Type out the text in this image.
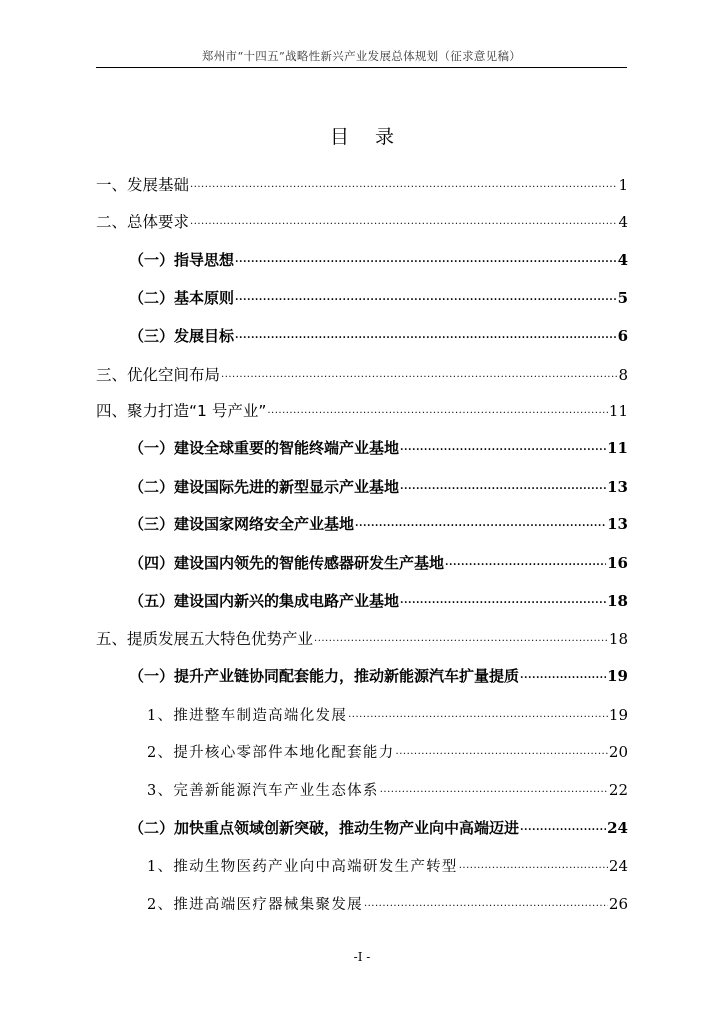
郑州市“十四五”战略性新兴产业发展总体规划（征求意见稿）
目 录
一、发展基础 .....	1
二、总体要求 .....	4
（一）指导思想 .....	4
（二）基本原则 .....	5
（三）发展目标 .....	6
三、优化空间布局 .....	8
四、聚力打造“1 号产业” .....	11
（一）建设全球重要的智能终端产业基地 .....	11
（二）建设国际先进的新型显示产业基地 .....	13
（三）建设国家网络安全产业基地 .....	13
（四）建设国内领先的智能传感器研发生产基地 .....	16
（五）建设国内新兴的集成电路产业基地 .....	18
五、提质发展五大特色优势产业 .....	18
（一）提升产业链协同配套能力，推动新能源汽车扩量提质 .....	19
1、推进整车制造高端化发展 .....	19
2、提升核心零部件本地化配套能力 .....	20
3、完善新能源汽车产业生态体系 .....	22
（二）加快重点领域创新突破，推动生物产业向中高端迈进 .....	24
1、推动生物医药产业向中高端研发生产转型 .....	24
2、推进高端医疗器械集聚发展 .....	26
-I -
